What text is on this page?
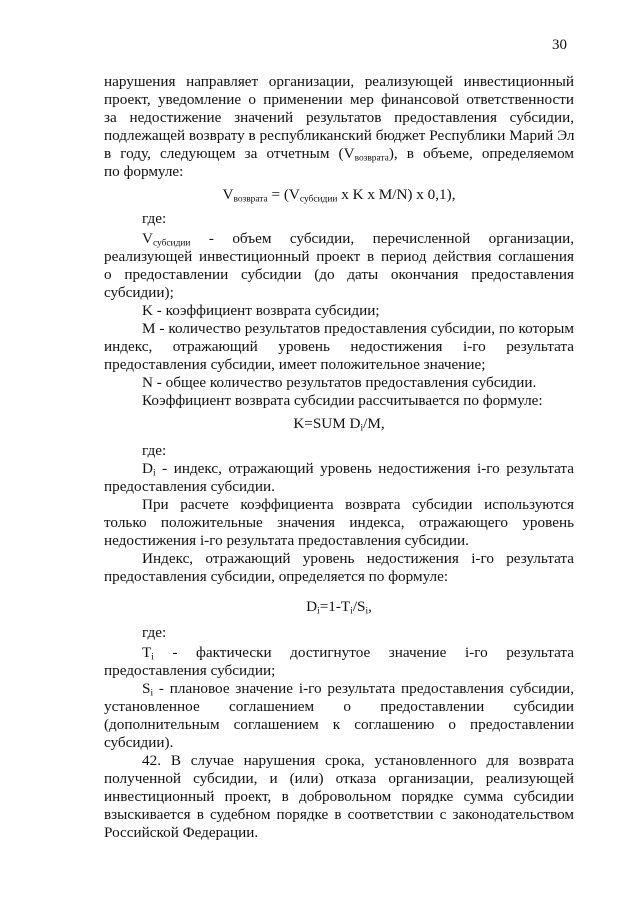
30
нарушения направляет организации, реализующей инвестиционный
проект, уведомление о применении мер финансовой ответственности
за недостижение значений результатов предоставления субсидии,
подлежащей возврату в республиканский бюджет Республики Марий Эл
в году, следующем за отчетным $(V_{возврата})$, в объеме, определяемом
по формуле:
$V_{возврата} = (V_{субсидии}$ x K x M/N) x 0,1),
где:
$V_{субсидии}$ - объем субсидии, перечисленной организации,
реализующей инвестиционный проект в период действия соглашения
о предоставлении субсидии (до даты окончания предоставления
субсидии);
K - коэффициент возврата субсидии;
M - количество результатов предоставления субсидии, по которым
индекс, отражающий уровень недостижения i-го результата
предоставления субсидии, имеет положительное значение;
N - общее количество результатов предоставления субсидии.
Коэффициент возврата субсидии рассчитывается по формуле:
K=SUM $D_i/M$,
где:
$D_i$ - индекс, отражающий уровень недостижения i-го результата
предоставления субсидии.
При расчете коэффициента возврата субсидии используются
только положительные значения индекса, отражающего уровень
недостижения i-го результата предоставления субсидии.
Индекс, отражающий уровень недостижения i-го результата
предоставления субсидии, определяется по формуле:
$D_i=1-T_i/S_i$,
где:
$T_i$ - фактически достигнутое значение i-го результата
предоставления субсидии;
$S_i$ - плановое значение i-го результата предоставления субсидии,
установленное соглашением о предоставлении субсидии
(дополнительным соглашением к соглашению о предоставлении
субсидии).
42. В случае нарушения срока, установленного для возврата
полученной субсидии, и (или) отказа организации, реализующей
инвестиционный проект, в добровольном порядке сумма субсидии
взыскивается в судебном порядке в соответствии с законодательством
Российской Федерации.
